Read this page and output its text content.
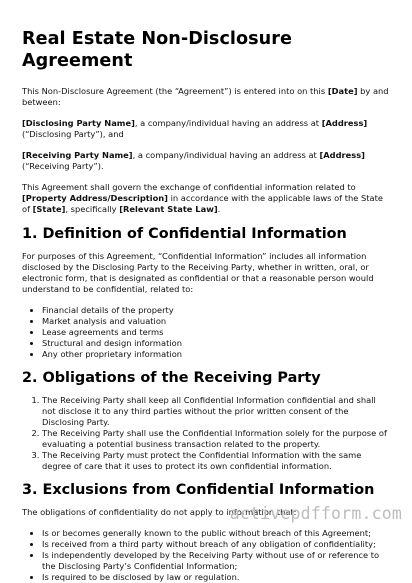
Real Estate Non-Disclosure Agreement

This Non-Disclosure Agreement (the “Agreement”) is entered into on this [Date] by and between:

[Disclosing Party Name], a company/individual having an address at [Address] (“Disclosing Party”), and

[Receiving Party Name], a company/individual having an address at [Address] (“Receiving Party”).

This Agreement shall govern the exchange of confidential information related to [Property Address/Description] in accordance with the applicable laws of the State of [State], specifically [Relevant State Law].

1. Definition of Confidential Information

For purposes of this Agreement, “Confidential Information” includes all information disclosed by the Disclosing Party to the Receiving Party, whether in written, oral, or electronic form, that is designated as confidential or that a reasonable person would understand to be confidential, related to:

• Financial details of the property
• Market analysis and valuation
• Lease agreements and terms
• Structural and design information
• Any other proprietary information
2. Obligations of the Receiving Party
1. The Receiving Party shall keep all Confidential Information confidential and shall not disclose it to any third parties without the prior written consent of the Disclosing Party.
2. The Receiving Party shall use the Confidential Information solely for the purpose of evaluating a potential business transaction related to the property.
3. The Receiving Party must protect the Confidential Information with the same degree of care that it uses to protect its own confidential information.
3. Exclusions from Confidential Information

The obligations of confidentiality do not apply to information that:

• Is or becomes generally known to the public without breach of this Agreement;
• Is received from a third party without breach of any obligation of confidentiality;
• Is independently developed by the Receiving Party without use of or reference to the Disclosing Party’s Confidential Information;
• Is required to be disclosed by law or regulation.
activepdfform.com
